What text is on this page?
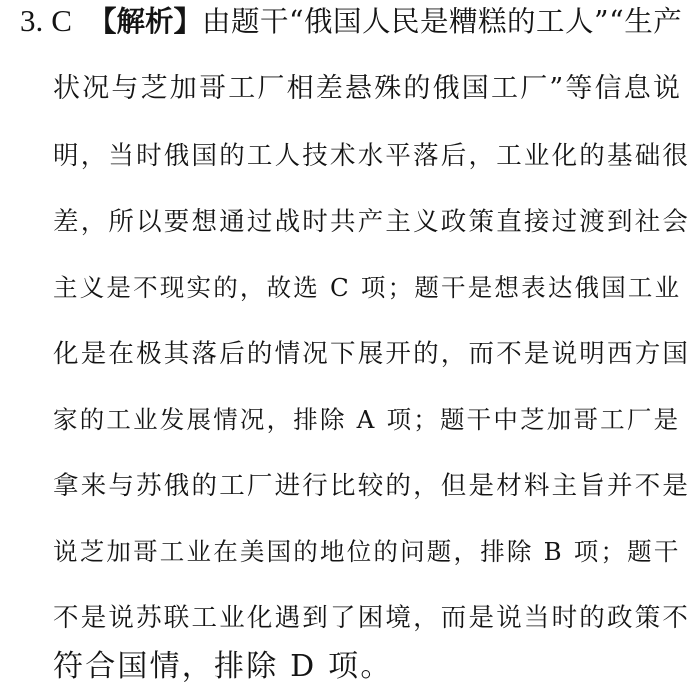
3. C 【解析】由题干“俄国人民是糟糕的工人”“生产
状况与芝加哥工厂相差悬殊的俄国工厂”等信息说
明，当时俄国的工人技术水平落后，工业化的基础很
差，所以要想通过战时共产主义政策直接过渡到社会
主义是不现实的，故选 C 项；题干是想表达俄国工业
化是在极其落后的情况下展开的，而不是说明西方国
家的工业发展情况，排除 A 项；题干中芝加哥工厂是
拿来与苏俄的工厂进行比较的，但是材料主旨并不是
说芝加哥工业在美国的地位的问题，排除 B 项；题干
不是说苏联工业化遇到了困境，而是说当时的政策不
符合国情，排除 D 项。
